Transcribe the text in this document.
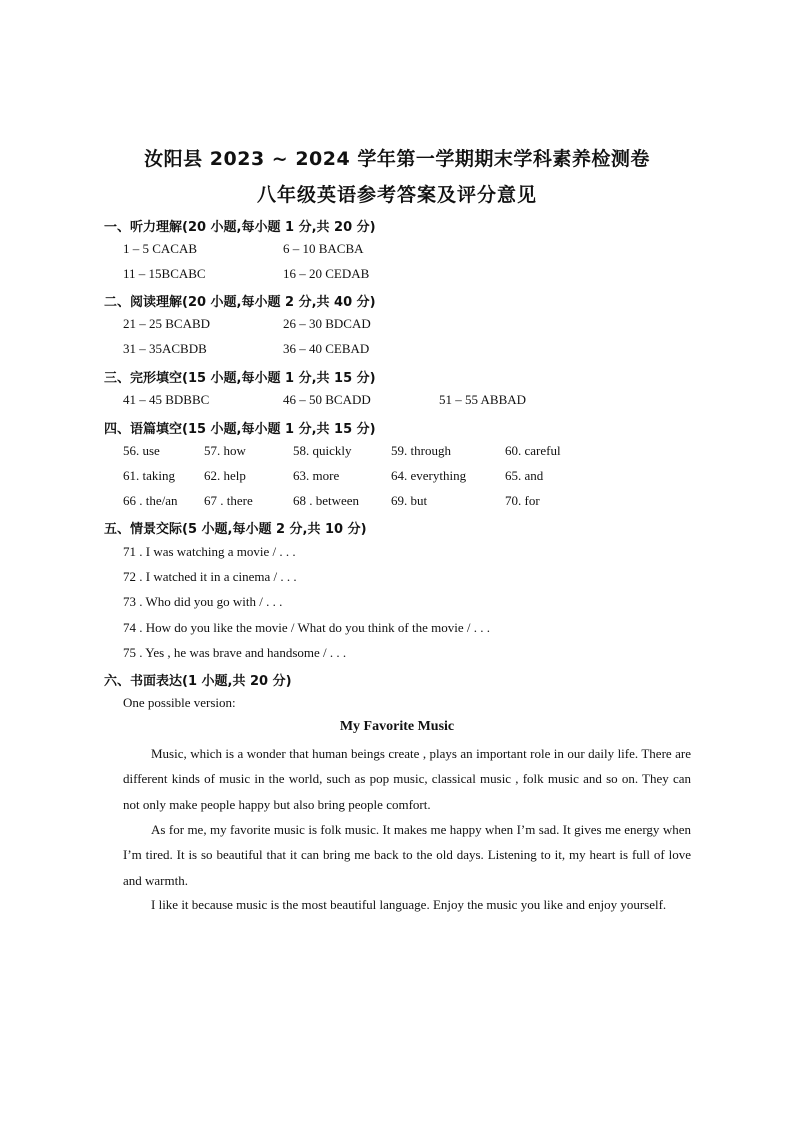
汝阳县 2023 ~ 2024 学年第一学期期末学科素养检测卷
八年级英语参考答案及评分意见
一、听力理解(20 小题,每小题 1 分,共 20 分)
1 – 5 CACAB	6 – 10 BACBA
11 – 15BCABC	16 – 20 CEDAB
二、阅读理解(20 小题,每小题 2 分,共 40 分)
21 – 25 BCABD	26 – 30 BDCAD
31 – 35ACBDB	36 – 40 CEBAD
三、完形填空(15 小题,每小题 1 分,共 15 分)
41 – 45 BDBBC	46 – 50 BCADD	51 – 55 ABBAD
四、语篇填空(15 小题,每小题 1 分,共 15 分)
56. use	57. how	58. quickly	59. through	60. careful
61. taking 62. help	63. more	64. everything	65. and
66 . the/an 67 . there	68 . between 69. but	70. for
五、情景交际(5 小题,每小题 2 分,共 10 分)
71 . I was watching a movie / . . .
72 . I watched it in a cinema / . . .
73 . Who did you go with / . . .
74 . How do you like the movie / What do you think of the movie / . . .
75 . Yes , he was brave and handsome / . . .
六、书面表达(1 小题,共 20 分)
One possible version:
My Favorite Music
Music, which is a wonder that human beings create , plays an important role in our daily life. There are different kinds of music in the world, such as pop music, classical music , folk music and so on. They can not only make people happy but also bring people comfort.
As for me, my favorite music is folk music. It makes me happy when I’m sad. It gives me energy when I’m tired. It is so beautiful that it can bring me back to the old days. Listening to it, my heart is full of love and warmth.
I like it because music is the most beautiful language. Enjoy the music you like and enjoy yourself.
